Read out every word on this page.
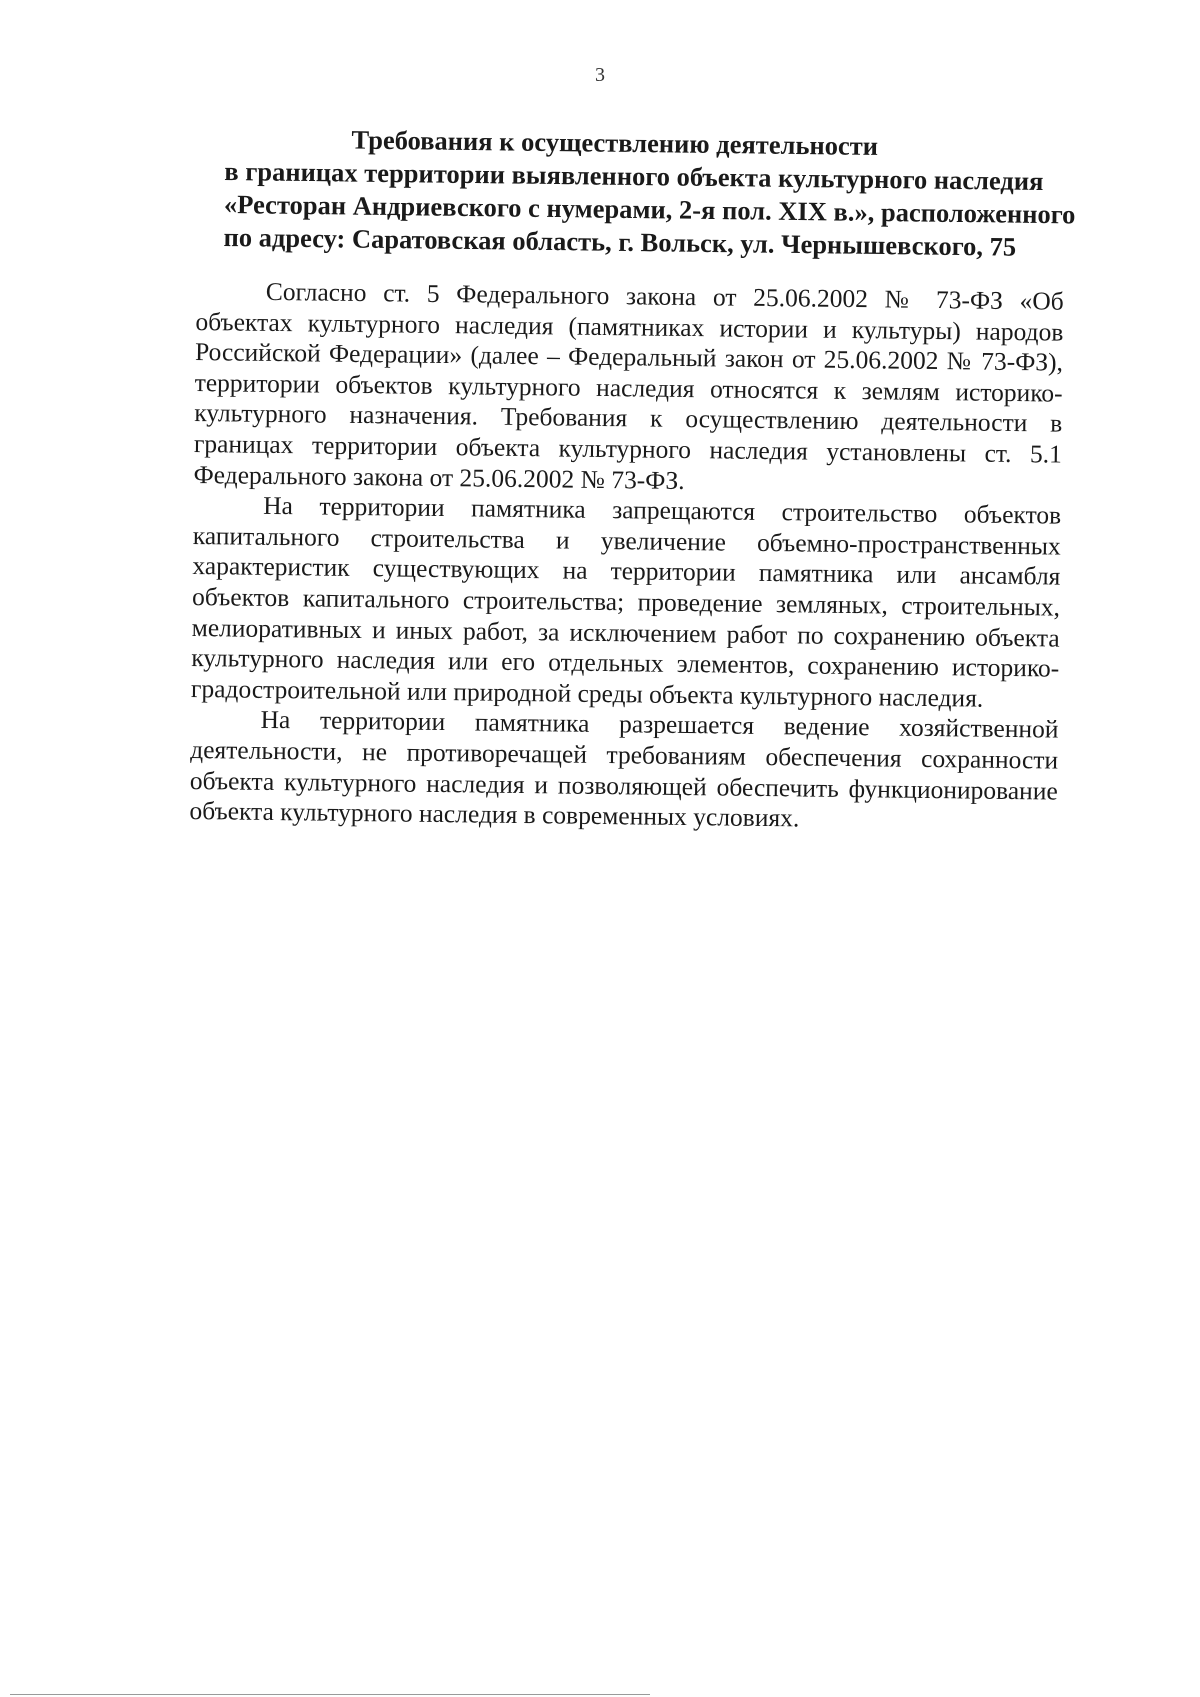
3
Требования к осуществлению деятельности
в границах территории выявленного объекта культурного наследия
«Ресторан Андриевского с нумерами, 2-я пол. XIX в.», расположенного
по адресу: Саратовская область, г. Вольск, ул. Чернышевского, 75

Согласно ст. 5 Федерального закона от 25.06.2002 № 73-ФЗ «Об объектах культурного наследия (памятниках истории и культуры) народов Российской Федерации» (далее – Федеральный закон от 25.06.2002 № 73-ФЗ), территории объектов культурного наследия относятся к землям историко-культурного назначения. Требования к осуществлению деятельности в границах территории объекта культурного наследия установлены ст. 5.1 Федерального закона от 25.06.2002 № 73-ФЗ.

На территории памятника запрещаются строительство объектов капитального строительства и увеличение объемно-пространственных характеристик существующих на территории памятника или ансамбля объектов капитального строительства; проведение земляных, строительных, мелиоративных и иных работ, за исключением работ по сохранению объекта культурного наследия или его отдельных элементов, сохранению историко-градостроительной или природной среды объекта культурного наследия.

На территории памятника разрешается ведение хозяйственной деятельности, не противоречащей требованиям обеспечения сохранности объекта культурного наследия и позволяющей обеспечить функционирование объекта культурного наследия в современных условиях.
